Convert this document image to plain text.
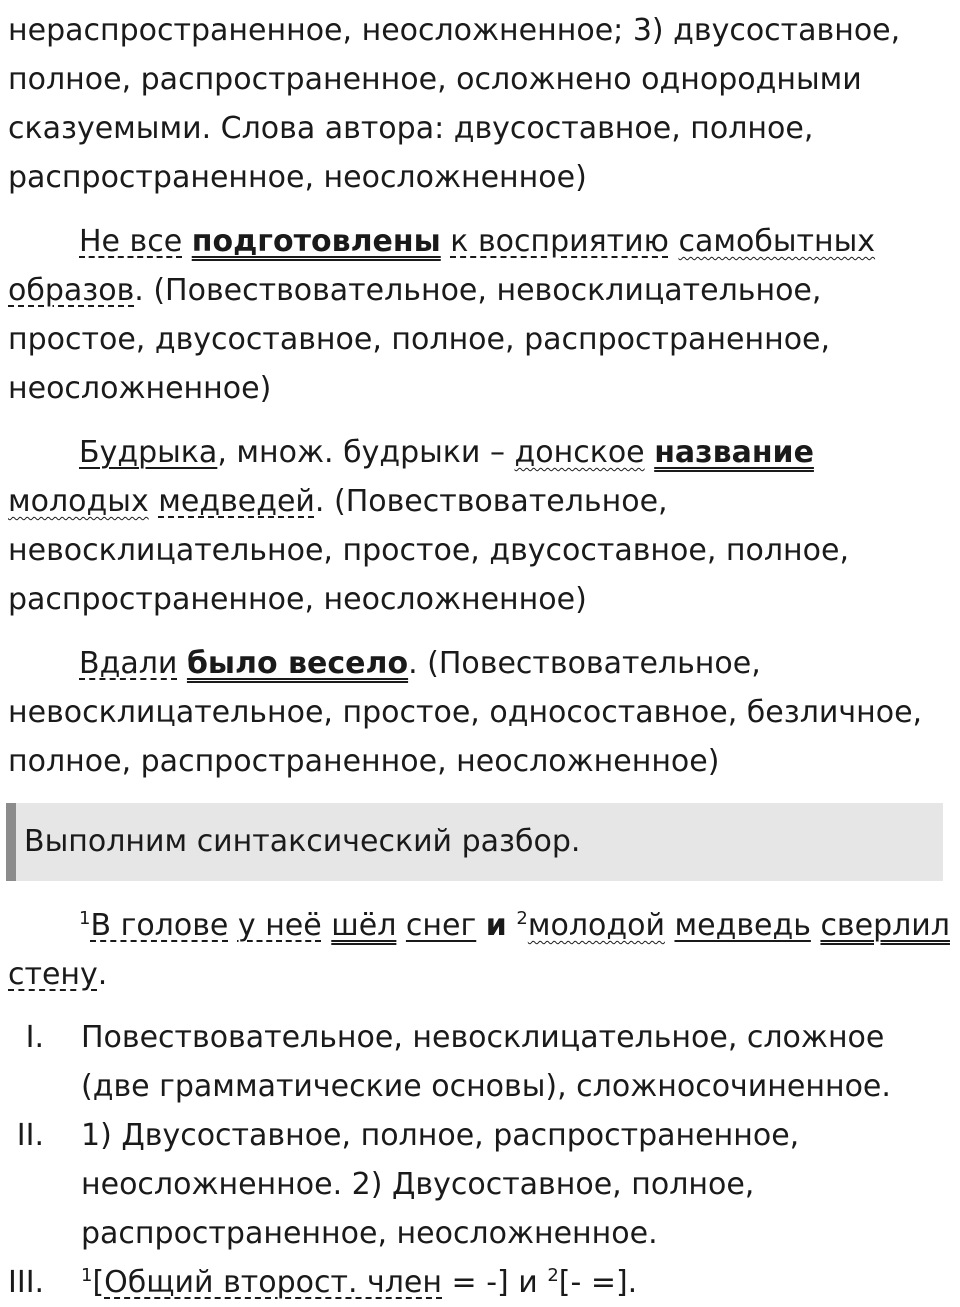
нераспространенное, неосложненное; 3) двусоставное, полное, распространенное, осложнено однородными сказуемыми. Слова автора: двусоставное, полное, распространенное, неосложненное)

Не все подготовлены к восприятию самобытных образов. (Повествовательное, невосклицательное, простое, двусоставное, полное, распространенное, неосложненное)

Будрыка, множ. будрыки – донское название молодых медведей. (Повествовательное, невосклицательное, простое, двусоставное, полное, распространенное, неосложненное)

Вдали было весело. (Повествовательное, невосклицательное, простое, односоставное, безличное, полное, распространенное, неосложненное)

Выполним синтаксический разбор.

$^1$В голове у неё шёл снег и $^2$молодой медведь сверлил стену.

I. Повествовательное, невосклицательное, сложное (две грамматические основы), сложносочиненное.
II. 1) Двусоставное, полное, распространенное, неосложненное. 2) Двусоставное, полное, распространенное, неосложненное.
III. $^1$[Общий второст. член = -] и $^2$[- =].
